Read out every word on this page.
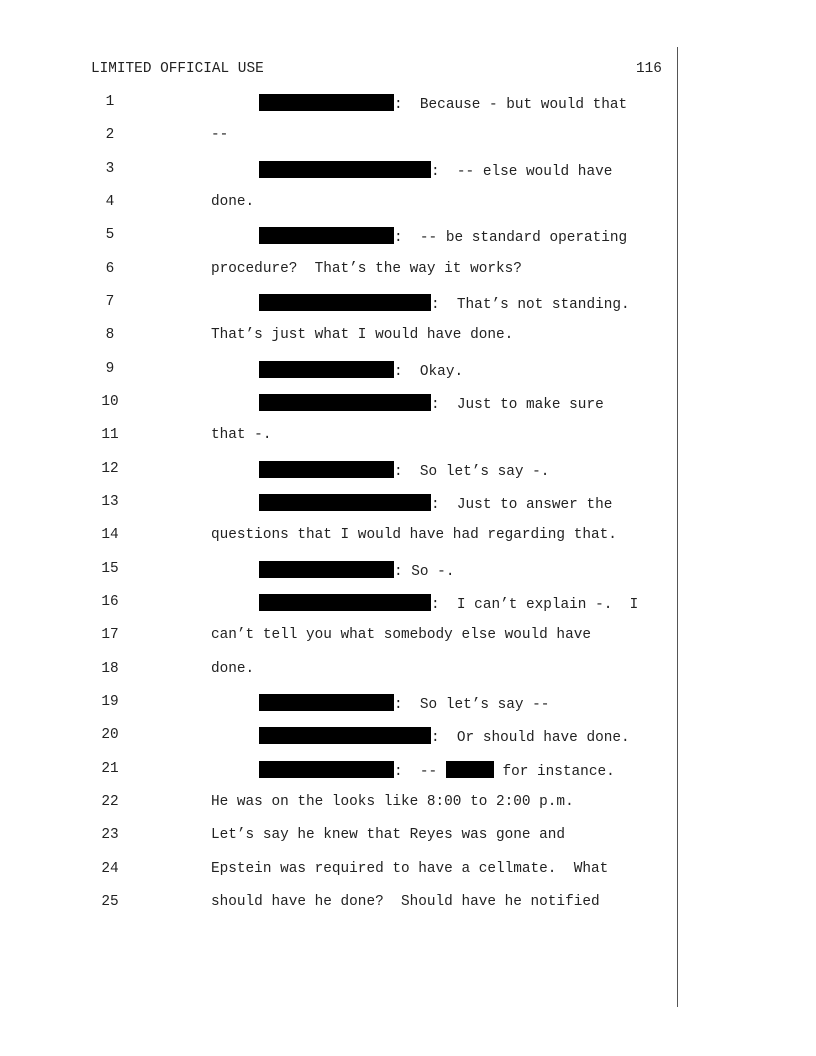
LIMITED OFFICIAL USE	116
1	:  Because - but would that
2	--
3	:  -- else would have
4	done.
5	:  -- be standard operating
6	procedure?  That’s the way it works?
7	:  That’s not standing.
8	That’s just what I would have done.
9	:  Okay.
10	:  Just to make sure
11	that -.
12	:  So let’s say -.
13	:  Just to answer the
14	questions that I would have had regarding that.
15	: So -.
16	:  I can’t explain -.  I
17	can’t tell you what somebody else would have
18	done.
19	:  So let’s say --
20	:  Or should have done.
21	:  --	for instance.
22	He was on the looks like 8:00 to 2:00 p.m.
23	Let’s say he knew that Reyes was gone and
24	Epstein was required to have a cellmate.  What
25	should have he done?  Should have he notified
